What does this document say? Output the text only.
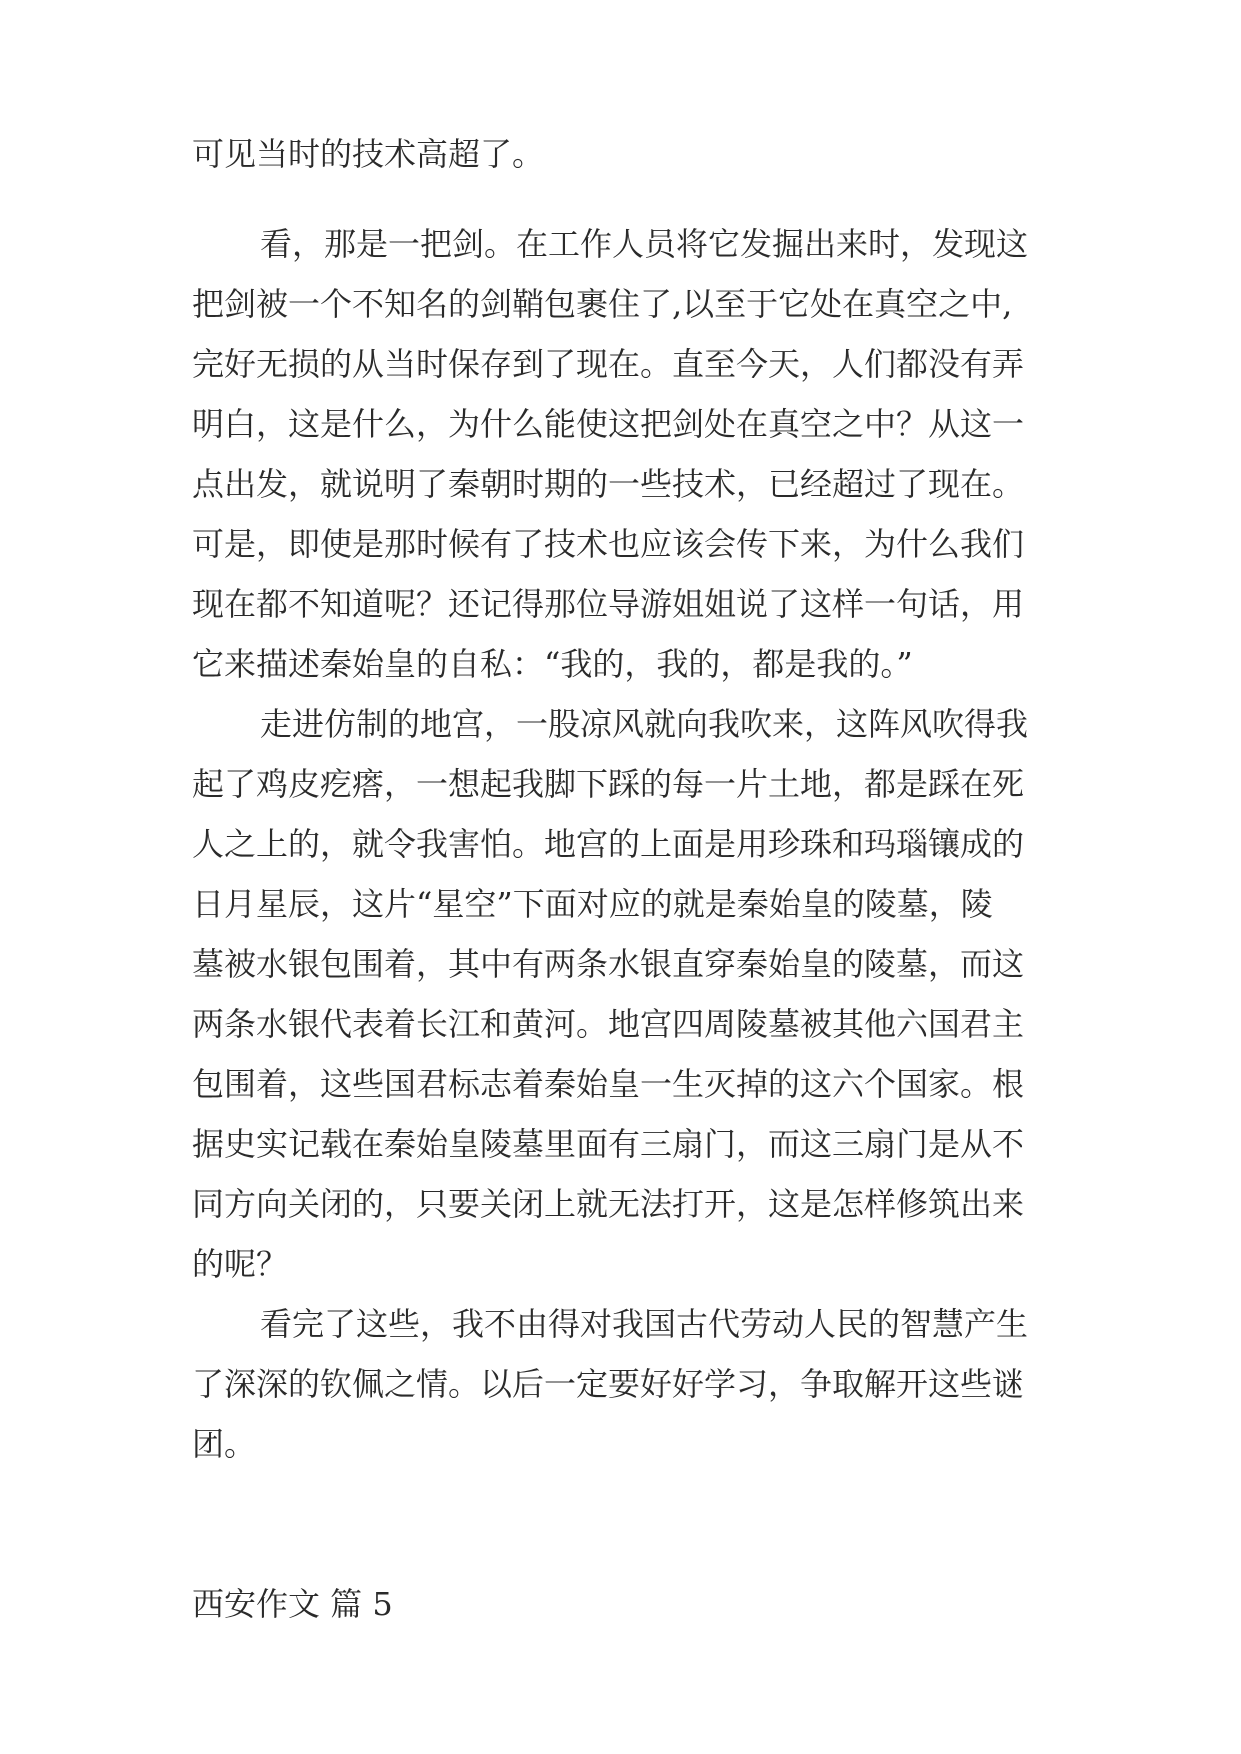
可见当时的技术高超了。
看，那是一把剑。在工作人员将它发掘出来时，发现这
把剑被一个不知名的剑鞘包裹住了,以至于它处在真空之中,
完好无损的从当时保存到了现在。直至今天，人们都没有弄
明白，这是什么，为什么能使这把剑处在真空之中？从这一
点出发，就说明了秦朝时期的一些技术，已经超过了现在。
可是，即使是那时候有了技术也应该会传下来，为什么我们
现在都不知道呢？还记得那位导游姐姐说了这样一句话，用
它来描述秦始皇的自私：“我的，我的，都是我的。”
走进仿制的地宫，一股凉风就向我吹来，这阵风吹得我
起了鸡皮疙瘩，一想起我脚下踩的每一片土地，都是踩在死
人之上的，就令我害怕。地宫的上面是用珍珠和玛瑙镶成的
日月星辰，这片“星空”下面对应的就是秦始皇的陵墓，陵
墓被水银包围着，其中有两条水银直穿秦始皇的陵墓，而这
两条水银代表着长江和黄河。地宫四周陵墓被其他六国君主
包围着，这些国君标志着秦始皇一生灭掉的这六个国家。根
据史实记载在秦始皇陵墓里面有三扇门，而这三扇门是从不
同方向关闭的，只要关闭上就无法打开，这是怎样修筑出来
的呢？
看完了这些，我不由得对我国古代劳动人民的智慧产生
了深深的钦佩之情。以后一定要好好学习，争取解开这些谜
团。
西安作文 篇 5
